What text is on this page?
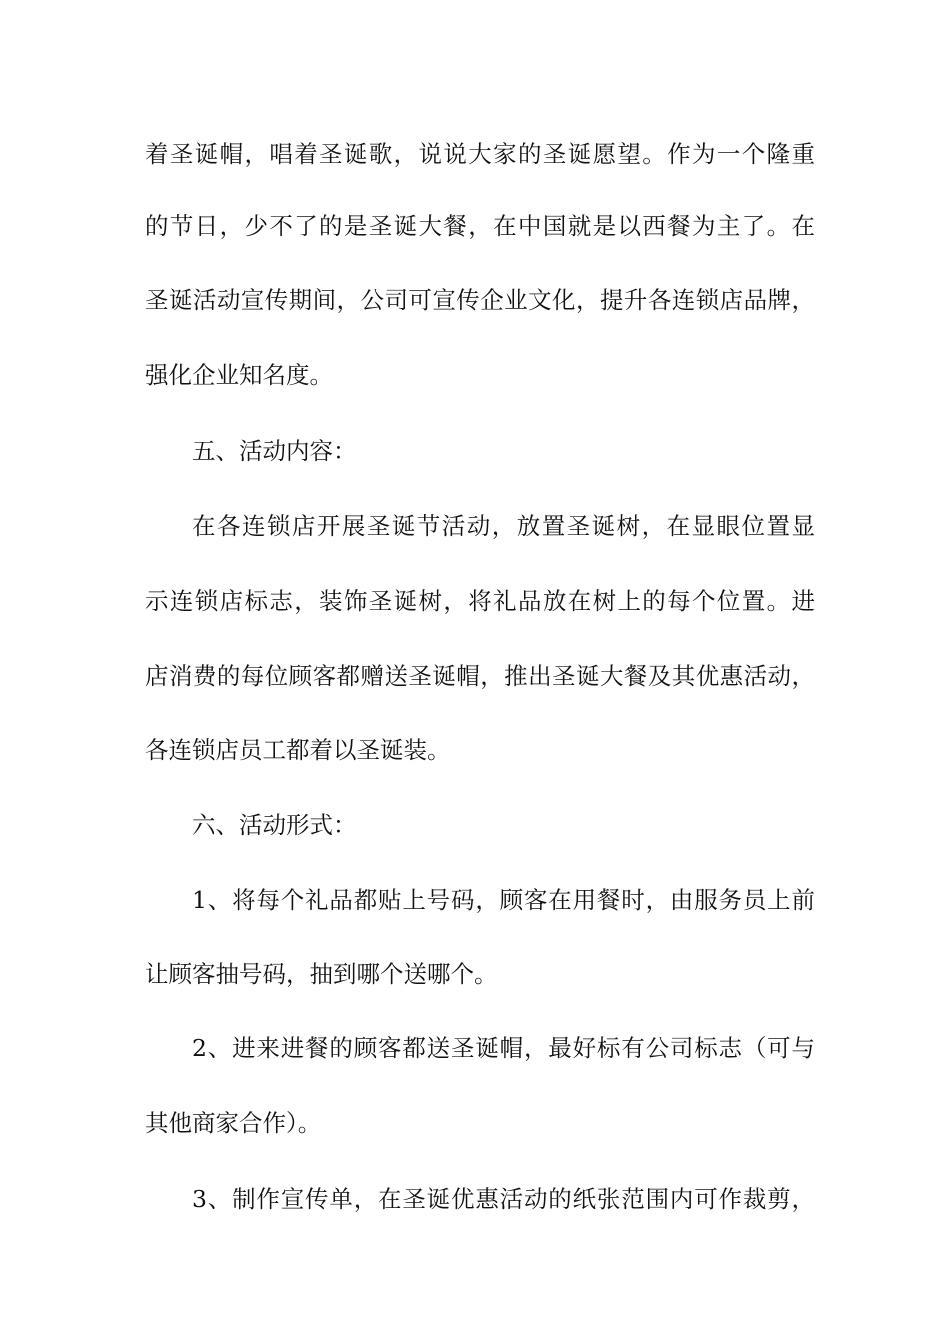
着圣诞帽，唱着圣诞歌，说说大家的圣诞愿望。作为一个隆重
的节日，少不了的是圣诞大餐，在中国就是以西餐为主了。在
圣诞活动宣传期间，公司可宣传企业文化，提升各连锁店品牌，
强化企业知名度。
五、活动内容：
在各连锁店开展圣诞节活动，放置圣诞树，在显眼位置显
示连锁店标志，装饰圣诞树，将礼品放在树上的每个位置。进
店消费的每位顾客都赠送圣诞帽，推出圣诞大餐及其优惠活动，
各连锁店员工都着以圣诞装。
六、活动形式：
1、将每个礼品都贴上号码，顾客在用餐时，由服务员上前
让顾客抽号码，抽到哪个送哪个。
2、进来进餐的顾客都送圣诞帽，最好标有公司标志（可与
其他商家合作）。
3、制作宣传单，在圣诞优惠活动的纸张范围内可作裁剪，
